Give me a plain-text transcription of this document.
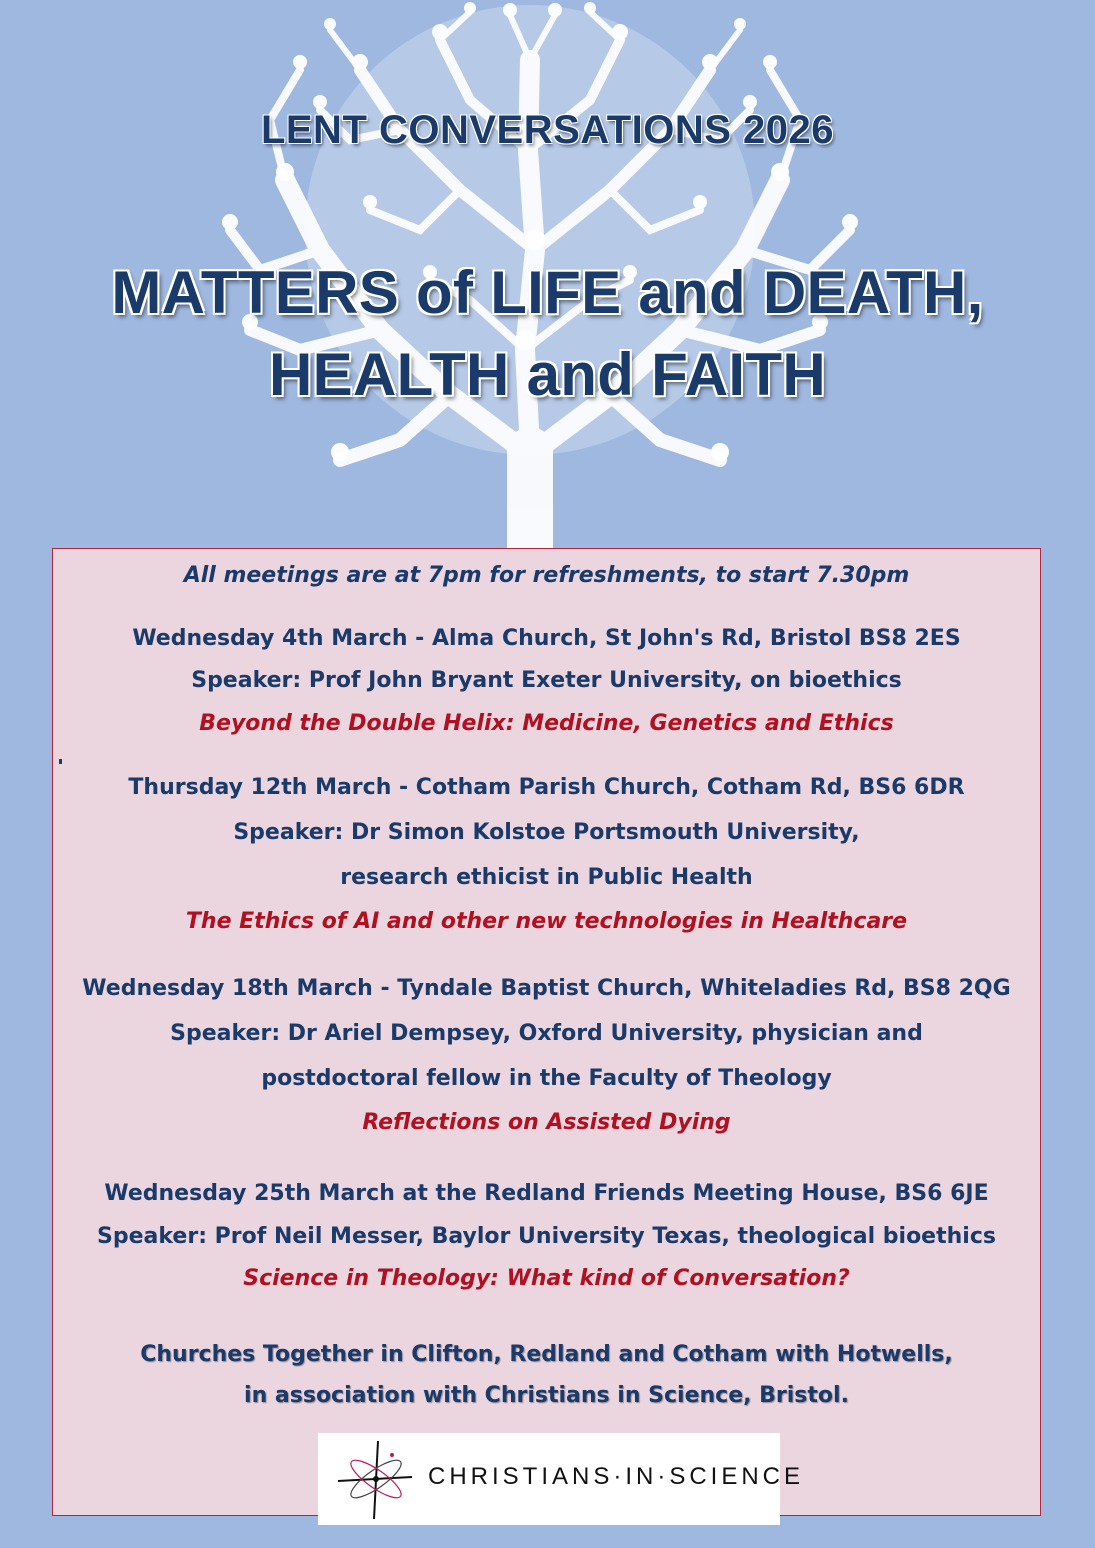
LENT CONVERSATIONS 2026
MATTERS of LIFE and DEATH,
HEALTH and FAITH

All meetings are at 7pm for refreshments, to start 7.30pm

Wednesday 4th March - Alma Church, St John's Rd, Bristol BS8 2ES

Speaker: Prof John Bryant Exeter University, on bioethics

Beyond the Double Helix: Medicine, Genetics and Ethics

Thursday 12th March - Cotham Parish Church, Cotham Rd, BS6 6DR

Speaker: Dr Simon Kolstoe Portsmouth University,

research ethicist in Public Health

The Ethics of AI and other new technologies in Healthcare

Wednesday 18th March - Tyndale Baptist Church, Whiteladies Rd, BS8 2QG

Speaker: Dr Ariel Dempsey, Oxford University, physician and

postdoctoral fellow in the Faculty of Theology

Reflections on Assisted Dying

Wednesday 25th March at the Redland Friends Meeting House, BS6 6JE

Speaker: Prof Neil Messer, Baylor University Texas, theological bioethics

Science in Theology: What kind of Conversation?

Churches Together in Clifton, Redland and Cotham with Hotwells,

in association with Christians in Science, Bristol.

CHRISTIANS·IN·SCIENCE
